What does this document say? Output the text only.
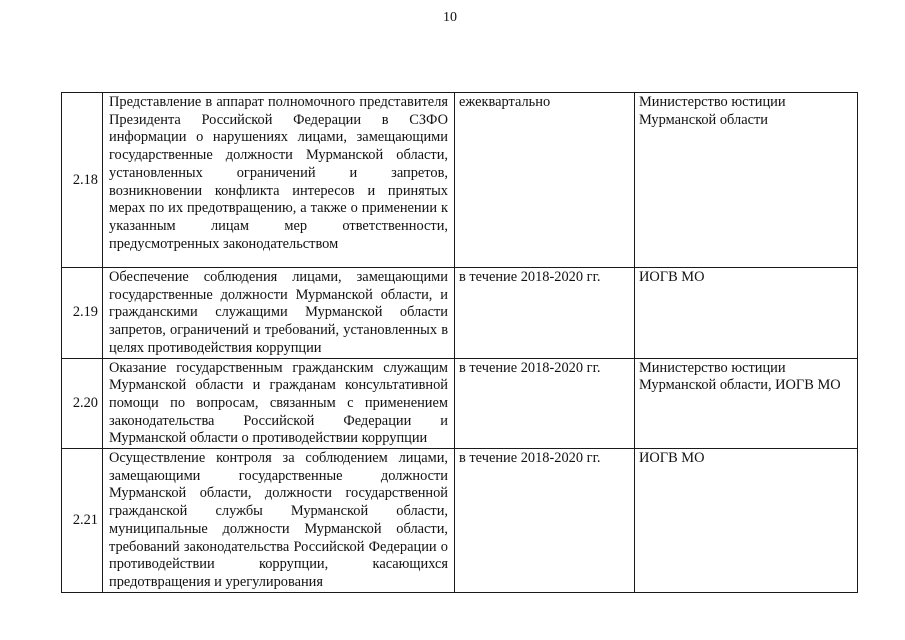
10
2.18	Представление в аппарат полномочного представителя Президента Российской Федерации в СЗФО информации о нарушениях лицами, замещающими государственные должности Мурманской области, установленных ограничений и запретов, возникновении конфликта интересов и принятых мерах по их предотвращению, а также о применении к указанным лицам мер ответственности, предусмотренных законодательством	ежеквартально	Министерство юстиции Мурманской области
2.19	Обеспечение соблюдения лицами, замещающими государственные должности Мурманской области, и гражданскими служащими Мурманской области запретов, ограничений и требований, установленных в целях противодействия коррупции	в течение 2018-2020 гг.	ИОГВ МО
2.20	Оказание государственным гражданским служащим Мурманской области и гражданам консультативной помощи по вопросам, связанным с применением законодательства Российской Федерации и Мурманской области о противодействии коррупции	в течение 2018-2020 гг.	Министерство юстиции Мурманской области, ИОГВ МО
2.21	Осуществление контроля за соблюдением лицами, замещающими государственные должности Мурманской области, должности государственной гражданской службы Мурманской области, муниципальные должности Мурманской области, требований законодательства Российской Федерации о противодействии коррупции, касающихся предотвращения и урегулирования	в течение 2018-2020 гг.	ИОГВ МО
